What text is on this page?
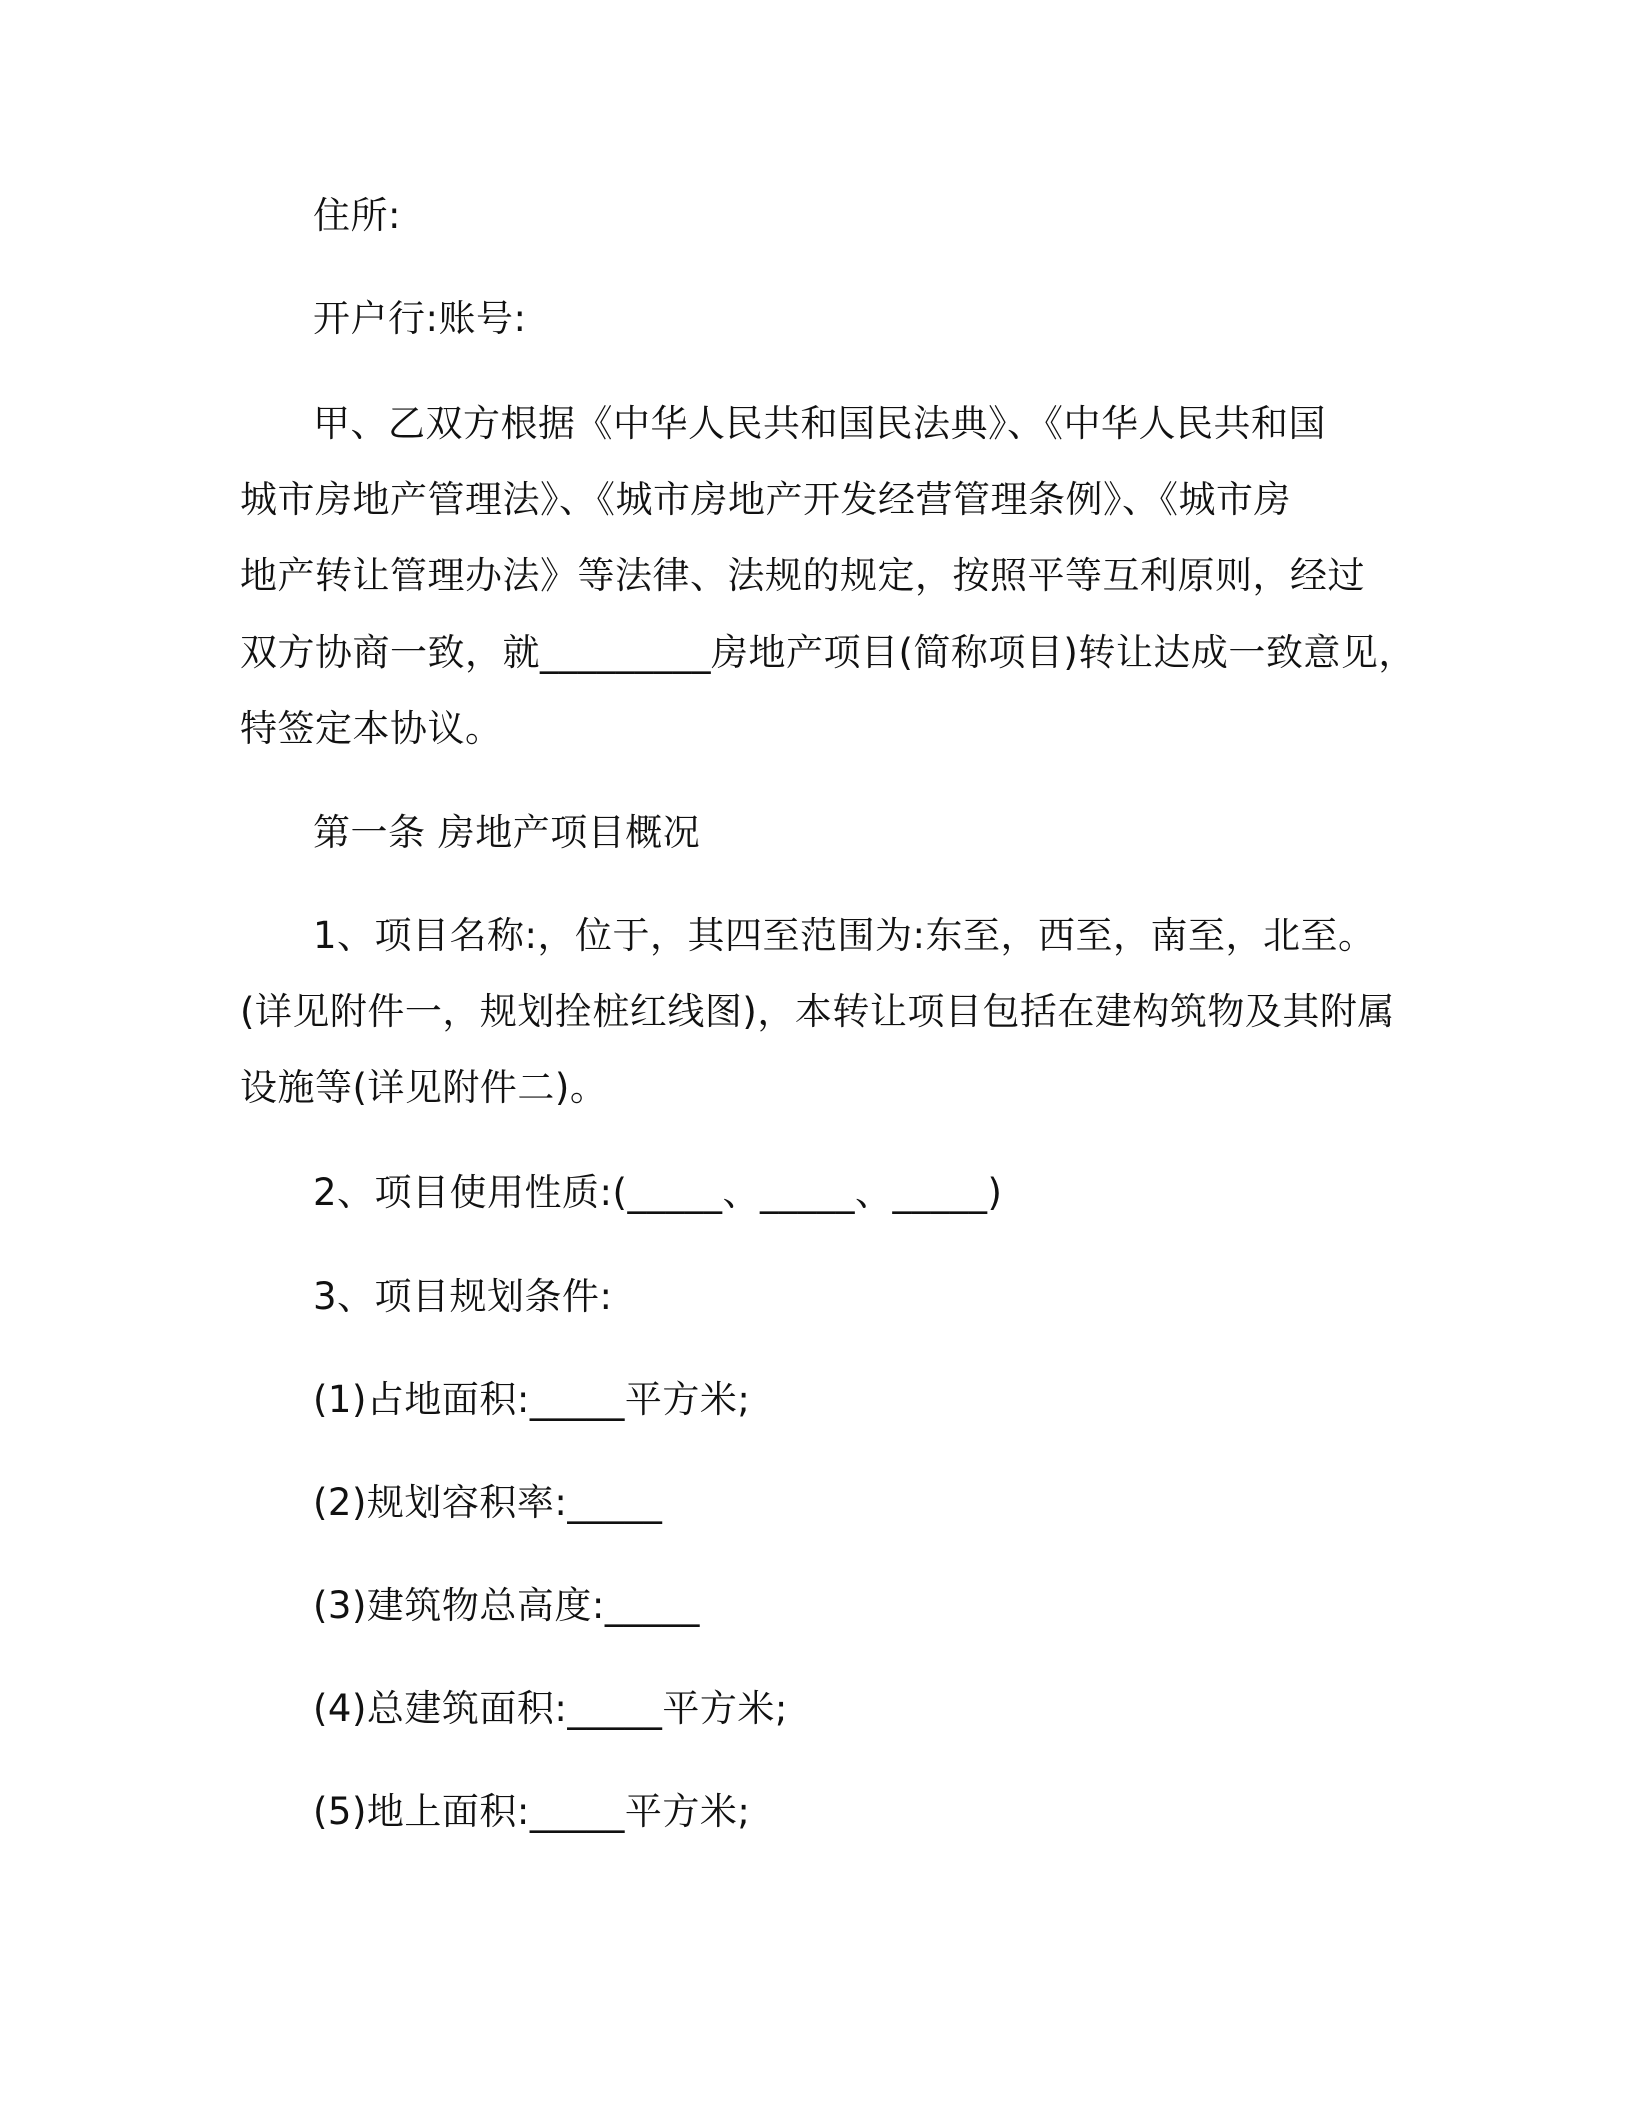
住所:
开户行:账号:
甲、乙双方根据《中华人民共和国民法典》、《中华人民共和国
城市房地产管理法》、《城市房地产开发经营管理条例》、《城市房
地产转让管理办法》等法律、法规的规定，按照平等互利原则，经过
双方协商一致，就_________房地产项目(简称项目)转让达成一致意见，
特签定本协议。
第一条 房地产项目概况
1、项目名称:，位于，其四至范围为:东至，西至，南至，北至。
(详见附件一，规划拴桩红线图)，本转让项目包括在建构筑物及其附属
设施等(详见附件二)。
2、项目使用性质:(_____、_____、_____)
3、项目规划条件:
(1)占地面积:_____平方米;
(2)规划容积率:_____
(3)建筑物总高度:_____
(4)总建筑面积:_____平方米;
(5)地上面积:_____平方米;
